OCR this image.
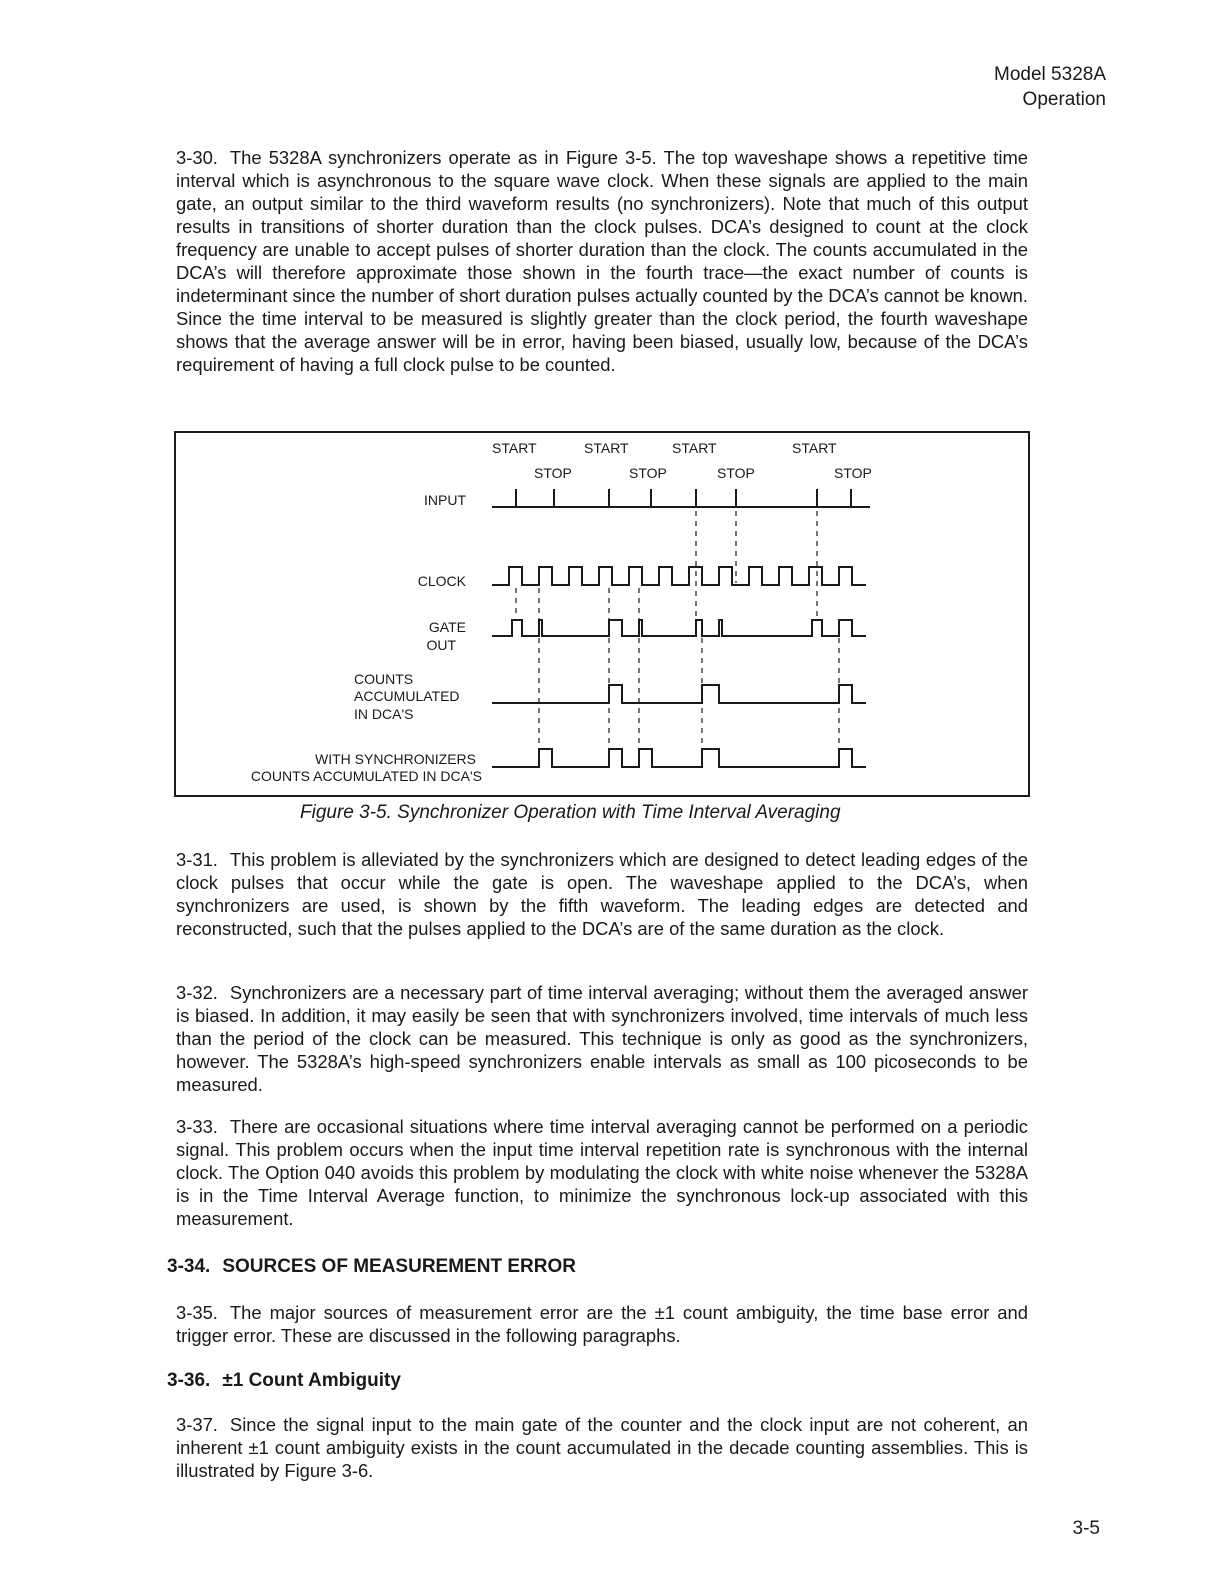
Model 5328A
Operation

3-30. The 5328A synchronizers operate as in Figure 3-5. The top waveshape shows a repetitive time interval which is asynchronous to the square wave clock. When these signals are applied to the main gate, an output similar to the third waveform results (no synchronizers). Note that much of this output results in transitions of shorter duration than the clock pulses. DCA’s designed to count at the clock frequency are unable to accept pulses of shorter duration than the clock. The counts accumulated in the DCA’s will therefore approximate those shown in the fourth trace—the exact number of counts is indeterminant since the number of short duration pulses actually counted by the DCA’s cannot be known. Since the time interval to be measured is slightly greater than the clock period, the fourth waveshape shows that the average answer will be in error, having been biased, usually low, because of the DCA’s requirement of having a full clock pulse to be counted.

START	START	START	START
STOP	STOP	STOP	STOP
INPUT
CLOCK
GATE
OUT
COUNTS
ACCUMULATED
IN DCA'S
WITH SYNCHRONIZERS
COUNTS ACCUMULATED IN DCA'S

Figure 3-5. Synchronizer Operation with Time Interval Averaging

3-31. This problem is alleviated by the synchronizers which are designed to detect leading edges of the clock pulses that occur while the gate is open. The waveshape applied to the DCA’s, when synchronizers are used, is shown by the fifth waveform. The leading edges are detected and reconstructed, such that the pulses applied to the DCA’s are of the same duration as the clock.

3-32. Synchronizers are a necessary part of time interval averaging; without them the averaged answer is biased. In addition, it may easily be seen that with synchronizers involved, time intervals of much less than the period of the clock can be measured. This technique is only as good as the synchronizers, however. The 5328A’s high-speed synchronizers enable intervals as small as 100 picoseconds to be measured.

3-33. There are occasional situations where time interval averaging cannot be performed on a periodic signal. This problem occurs when the input time interval repetition rate is synchronous with the internal clock. The Option 040 avoids this problem by modulating the clock with white noise whenever the 5328A is in the Time Interval Average function, to minimize the synchronous lock-up associated with this measurement.

3-34. SOURCES OF MEASUREMENT ERROR

3-35. The major sources of measurement error are the ±1 count ambiguity, the time base error and trigger error. These are discussed in the following paragraphs.

3-36. ±1 Count Ambiguity

3-37. Since the signal input to the main gate of the counter and the clock input are not coherent, an inherent ±1 count ambiguity exists in the count accumulated in the decade counting assemblies. This is illustrated by Figure 3-6.

3-5
